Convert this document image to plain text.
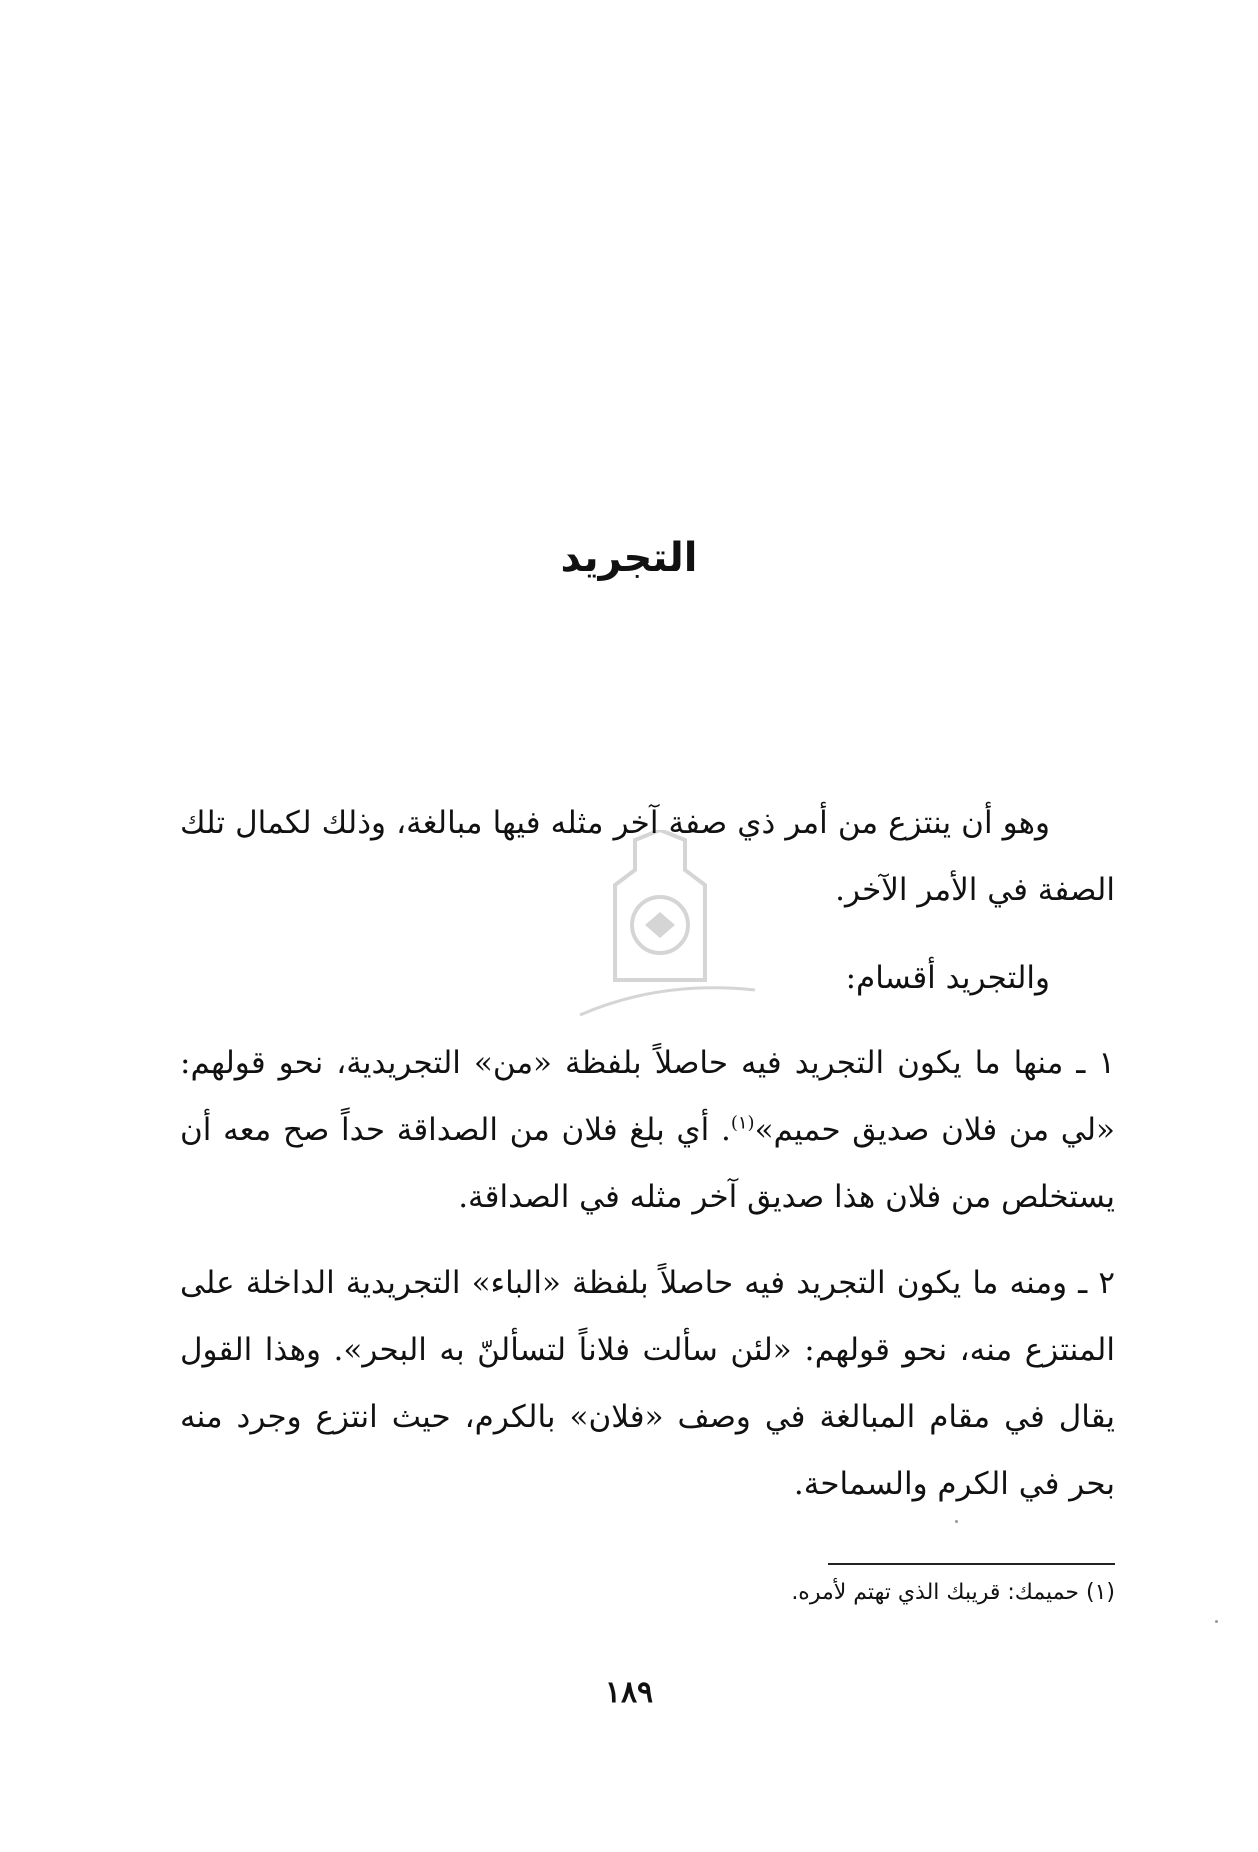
التجريد

وهو أن ينتزع من أمر ذي صفة آخر مثله فيها مبالغة، وذلك لكمال تلك الصفة في الأمر الآخر.

والتجريد أقسام:

١ ـ منها ما يكون التجريد فيه حاصلاً بلفظة «من» التجريدية، نحو قولهم: «لي من فلان صديق حميم»$^{(١)}$. أي بلغ فلان من الصداقة حداً صح معه أن يستخلص من فلان هذا صديق آخر مثله في الصداقة.

٢ ـ ومنه ما يكون التجريد فيه حاصلاً بلفظة «الباء» التجريدية الداخلة على المنتزع منه، نحو قولهم: «لئن سألت فلاناً لتسألنّ به البحر». وهذا القول يقال في مقام المبالغة في وصف «فلان» بالكرم، حيث انتزع وجرد منه بحر في الكرم والسماحة.

(١) حميمك: قريبك الذي تهتم لأمره.
١٨٩
